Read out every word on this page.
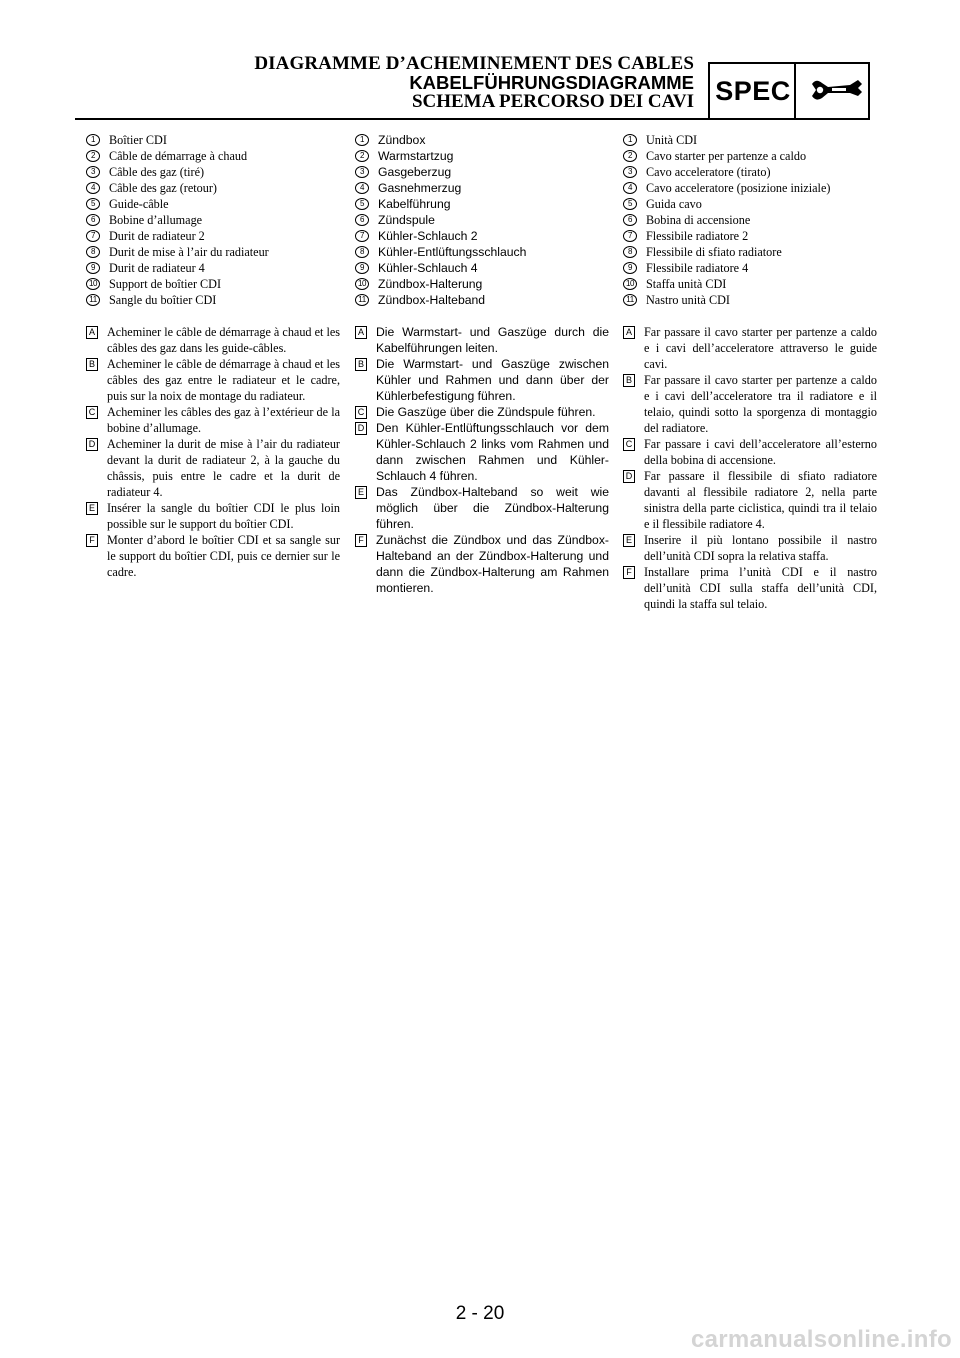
DIAGRAMME D’ACHEMINEMENT DES CABLES
KABELFÜHRUNGSDIAGRAMME
SCHEMA PERCORSO DEI CAVI SPEC
1	Boîtier CDI
2	Câble de démarrage à chaud
3	Câble des gaz (tiré)
4	Câble des gaz (retour)
5	Guide-câble
6	Bobine d’allumage
7	Durit de radiateur 2
8	Durit de mise à l’air du radiateur
9	Durit de radiateur 4
10 Support de boîtier CDI
11 Sangle du boîtier CDI
A Acheminer le câble de démarrage à chaud et les câbles des gaz dans les guide-câbles.
B Acheminer le câble de démarrage à chaud et les câbles des gaz entre le radiateur et le cadre, puis sur la noix de montage du radiateur.
C Acheminer les câbles des gaz à l’extérieur de la bobine d’allumage.
D Acheminer la durit de mise à l’air du radiateur devant la durit de radiateur 2, à la gauche du châssis, puis entre le cadre et la durit de radiateur 4.
E Insérer la sangle du boîtier CDI le plus loin possible sur le support du boîtier CDI.
F Monter d’abord le boîtier CDI et sa sangle sur le support du boîtier CDI, puis ce dernier sur le cadre.
1	Zündbox
2	Warmstartzug
3	Gasgeberzug
4	Gasnehmerzug
5	Kabelführung
6	Zündspule
7	Kühler-Schlauch 2
8	Kühler-Entlüftungsschlauch
9	Kühler-Schlauch 4
10 Zündbox-Halterung
11 Zündbox-Halteband
A Die Warmstart- und Gaszüge durch die Kabelführungen leiten.
B Die Warmstart- und Gaszüge zwischen Kühler und Rahmen und dann über der Kühlerbefestigung führen.
C Die Gaszüge über die Zündspule führen.
D Den Kühler-Entlüftungsschlauch vor dem Kühler-Schlauch 2 links vom Rahmen und dann zwischen Rahmen und Kühler-Schlauch 4 führen.
E Das Zündbox-Halteband so weit wie möglich über die Zündbox-Halterung führen.
F Zunächst die Zündbox und das Zündbox-Halteband an der Zündbox-Halterung und dann die Zündbox-Halterung am Rahmen montieren.
1	Unità CDI
2	Cavo starter per partenze a caldo
3	Cavo acceleratore (tirato)
4	Cavo acceleratore (posizione iniziale)
5	Guida cavo
6	Bobina di accensione
7	Flessibile radiatore 2
8	Flessibile di sfiato radiatore
9	Flessibile radiatore 4
10 Staffa unità CDI
11 Nastro unità CDI
A Far passare il cavo starter per partenze a caldo e i cavi dell’acceleratore attraverso le guide cavi.
B Far passare il cavo starter per partenze a caldo e i cavi dell’acceleratore tra il radiatore e il telaio, quindi sotto la sporgenza di montaggio del radiatore.
C Far passare i cavi dell’acceleratore all’esterno della bobina di accensione.
D Far passare il flessibile di sfiato radiatore davanti al flessibile radiatore 2, nella parte sinistra della parte ciclistica, quindi tra il telaio e il flessibile radiatore 4.
E Inserire il più lontano possibile il nastro dell’unità CDI sopra la relativa staffa.
F Installare prima l’unità CDI e il nastro dell’unità CDI sulla staffa dell’unità CDI, quindi la staffa sul telaio.
2 - 20
carmanualsonline.info
